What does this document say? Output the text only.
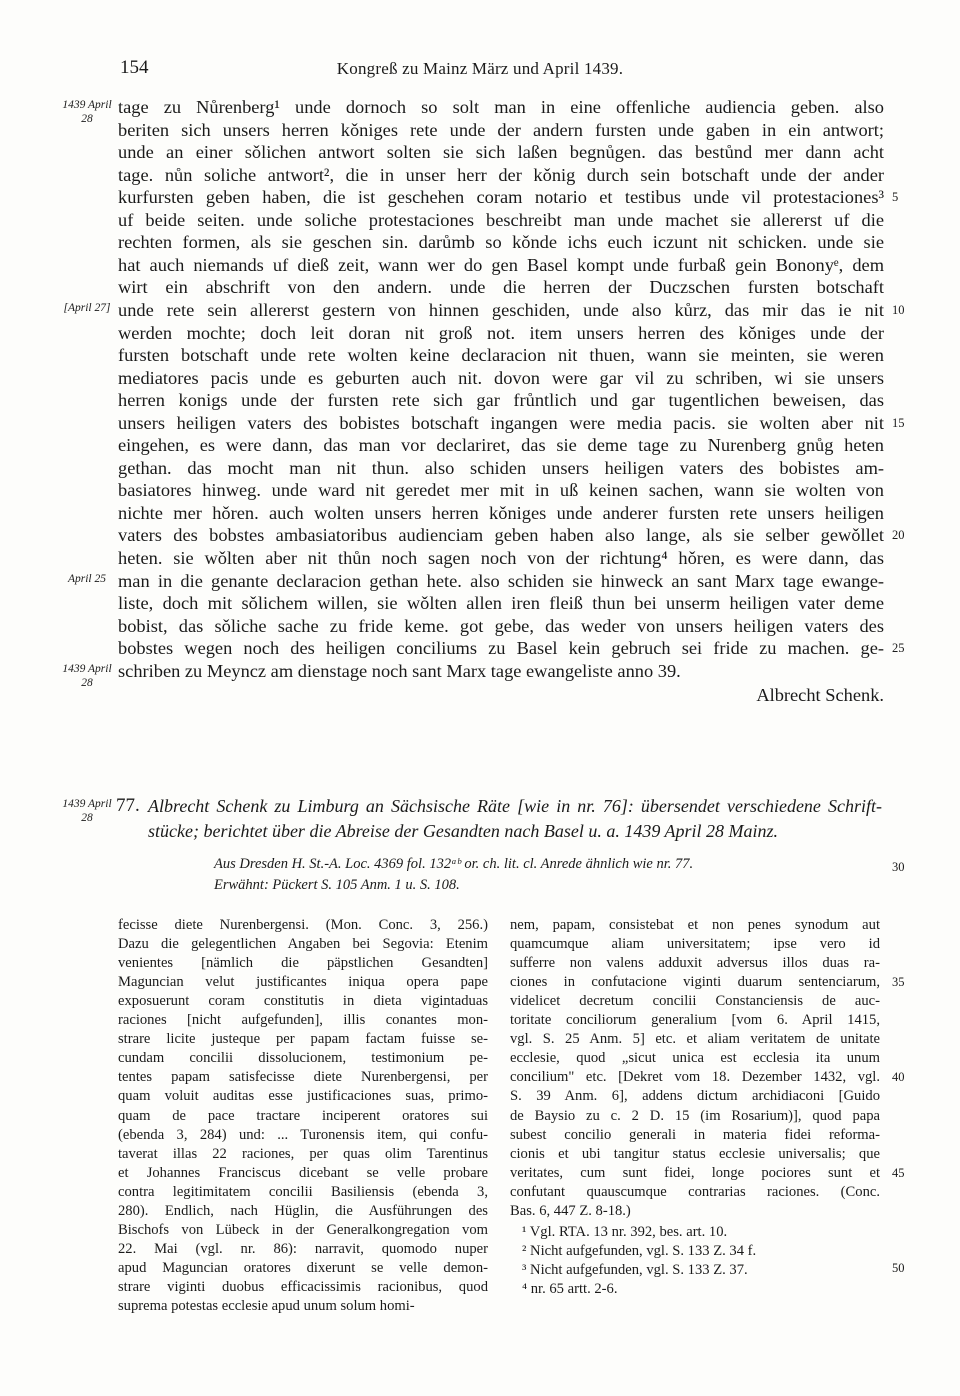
154	Kongreß zu Mainz März und April 1439.
tage zu Nůrenberg¹ unde dornoch so solt man in eine offenliche audiencia geben. also
beriten sich unsers herren kǒniges rete unde der andern fursten unde gaben in ein antwort;
unde an einer sǒlichen antwort solten sie sich laßen begnůgen. das bestůnd mer dann acht
tage. nůn soliche antwort², die in unser herr der kǒnig durch sein botschaft unde der ander
kurfursten geben haben, die ist geschehen coram notario et testibus unde vil protestaciones³
uf beide seiten. unde soliche protestaciones beschreibt man unde machet sie allererst uf die
rechten formen, als sie geschen sin. darůmb so kǒnde ichs euch iczunt nit schicken. unde sie
hat auch niemands uf dieß zeit, wann wer do gen Basel kompt unde furbaß gein Bononyᵉ, dem
wirt ein abschrift von den andern. unde die herren der Duczschen fursten botschaft
unde rete sein allererst gestern von hinnen geschiden, unde also kůrz, das mir das ie nit
werden mochte; doch leit doran nit groß not. item unsers herren des kǒniges unde der
fursten botschaft unde rete wolten keine declaracion nit thuen, wann sie meinten, sie weren
mediatores pacis unde es geburten auch nit. dovon were gar vil zu schriben, wi sie unsers
herren konigs unde der fursten rete sich gar frůntlich und gar tugentlichen beweisen, das
unsers heiligen vaters des bobistes botschaft ingangen were media pacis. sie wolten aber nit
eingehen, es were dann, das man vor declariret, das sie deme tage zu Nurenberg gnůg heten
gethan. das mocht man nit thun. also schiden unsers heiligen vaters des bobistes am-
basiatores hinweg. unde ward nit geredet mer mit in uß keinen sachen, wann sie wolten von
nichte mer hǒren. auch wolten unsers herren kǒniges unde anderer fursten rete unsers heiligen
vaters des bobstes ambasiatoribus audienciam geben haben also lange, als sie selber gewǒllet
heten. sie wǒlten aber nit thůn noch sagen noch von der richtung⁴ hǒren, es were dann, das
man in die genante declaracion gethan hete. also schiden sie hinweck an sant Marx tage ewange-
liste, doch mit sǒlichem willen, sie wǒlten allen iren fleiß thun bei unserm heiligen vater deme
bobist, das sǒliche sache zu fride keme. got gebe, das weder von unsers heiligen vaters des
bobstes wegen noch des heiligen conciliums zu Basel kein gebruch sei fride zu machen. ge-
schriben zu Meyncz am dienstage noch sant Marx tage ewangeliste anno 39.
Albrecht Schenk.
1439 April 28
[April 27]
April 25
1439 April 28
5
10
15
20
25
77.
1439 April 28
Albrecht Schenk zu Limburg an Sächsische Räte [wie in nr. 76]: übersendet verschiedene Schrift-
stücke; berichtet über die Abreise der Gesandten nach Basel u. a. 1439 April 28 Mainz.
Aus Dresden H. St.-A. Loc. 4369 fol. 132ᵃᵇ or. ch. lit. cl. Anrede ähnlich wie nr. 77.
Erwähnt: Pückert S. 105 Anm. 1 u. S. 108.
30
fecisse diete Nurenbergensi. (Mon. Conc. 3, 256.)
Dazu die gelegentlichen Angaben bei Segovia: Etenim
venientes [nämlich die päpstlichen Gesandten]
Maguncian velut justificantes iniqua opera pape
exposuerunt coram constitutis in dieta vigintaduas
raciones [nicht aufgefunden], illis conantes mon-
strare licite justeque per papam factam fuisse se-
cundam concilii dissolucionem, testimonium pe-
tentes papam satisfecisse diete Nurenbergensi, per
quam voluit auditas esse justificaciones suas, primo-
quam de pace tractare inciperent oratores sui
(ebenda 3, 284) und: ... Turonensis item, qui confu-
taverat illas 22 raciones, per quas olim Tarentinus
et Johannes Franciscus dicebant se velle probare
contra legitimitatem concilii Basiliensis (ebenda 3,
280). Endlich, nach Hüglin, die Ausführungen des
Bischofs von Lübeck in der Generalkongregation vom
22. Mai (vgl. nr. 86): narravit, quomodo nuper
apud Maguncian oratores dixerunt se velle demon-
strare viginti duobus efficacissimis racionibus, quod
suprema potestas ecclesie apud unum solum homi-
nem, papam, consistebat et non penes synodum aut
quamcumque aliam universitatem; ipse vero id
sufferre non valens adduxit adversus illos duas ra-
ciones in confutacione viginti duarum sentenciarum,
videlicet decretum concilii Constanciensis de auc-
toritate conciliorum generalium [vom 6. April 1415,
vgl. S. 25 Anm. 5] etc. et aliam veritatem de unitate
ecclesie, quod „sicut unica est ecclesia ita unum
concilium" etc. [Dekret vom 18. Dezember 1432, vgl.
S. 39 Anm. 6], addens dictum archidiaconi [Guido
de Baysio zu c. 2 D. 15 (im Rosarium)], quod papa
subest concilio generali in materia fidei reforma-
cionis et ubi tangitur status ecclesie universalis; que
veritates, cum sunt fidei, longe pociores sunt et
confutant quauscumque contrarias raciones. (Conc.
Bas. 6, 447 Z. 8-18.)
¹ Vgl. RTA. 13 nr. 392, bes. art. 10.
² Nicht aufgefunden, vgl. S. 133 Z. 34 f.
³ Nicht aufgefunden, vgl. S. 133 Z. 37.
⁴ nr. 65 artt. 2-6.
35
40
45
50
